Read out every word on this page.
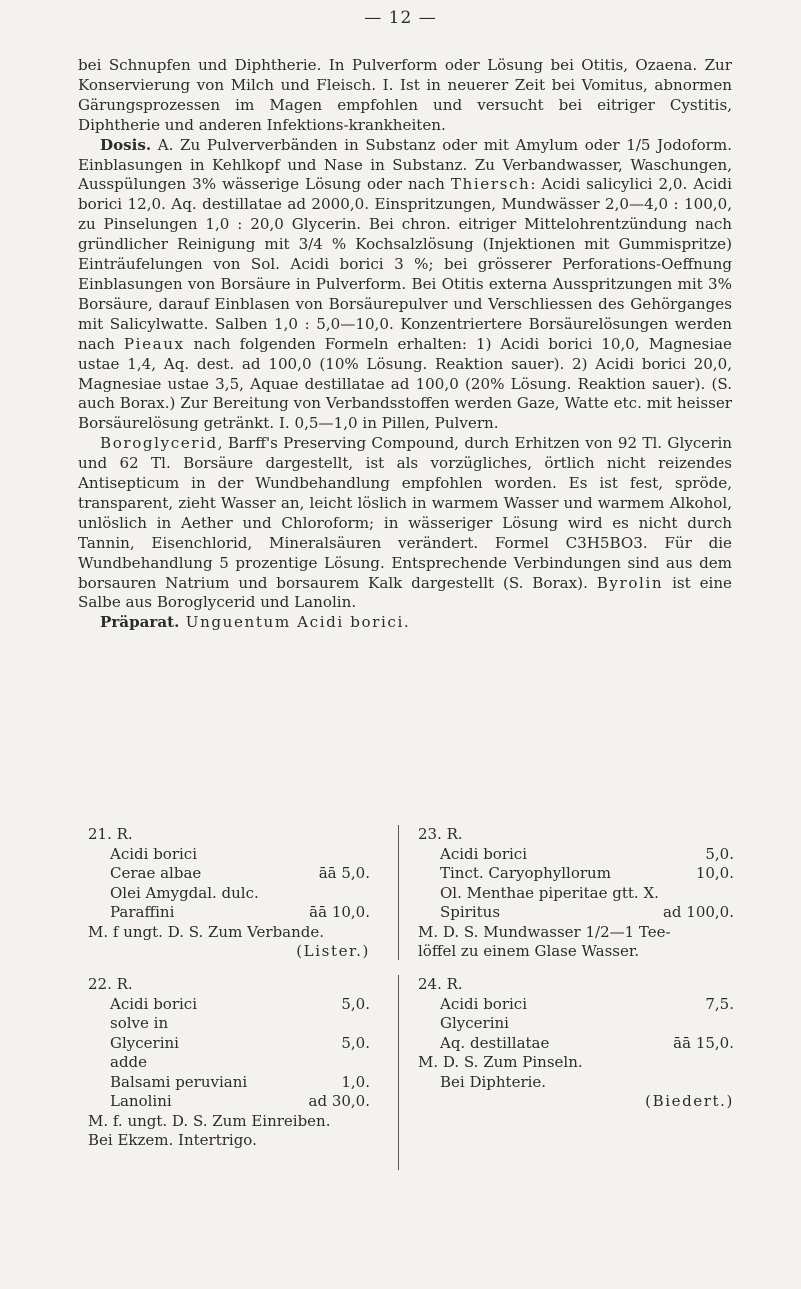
— 12 —

bei Schnupfen und Diphtherie. In Pulverform oder Lösung bei Otitis, Ozaena. Zur Konservierung von Milch und Fleisch. I. Ist in neuerer Zeit bei Vomitus, abnormen Gärungsprozessen im Magen empfohlen und versucht bei eitriger Cystitis, Diphtherie und anderen Infektions-krankheiten.

Dosis. A. Zu Pulververbänden in Substanz oder mit Amylum oder 1/5 Jodoform. Einblasungen in Kehlkopf und Nase in Substanz. Zu Verbandwasser, Waschungen, Ausspülungen 3% wässerige Lösung oder nach Thiersch: Acidi salicylici 2,0. Acidi borici 12,0. Aq. destillatae ad 2000,0. Einspritzungen, Mundwässer 2,0—4,0 : 100,0, zu Pinselungen 1,0 : 20,0 Glycerin. Bei chron. eitriger Mittelohrentzündung nach gründlicher Reinigung mit 3/4 % Kochsalzlösung (Injektionen mit Gummispritze) Einträufelungen von Sol. Acidi borici 3 %; bei grösserer Perforations-Oeffnung Einblasungen von Borsäure in Pulverform. Bei Otitis externa Ausspritzungen mit 3% Borsäure, darauf Einblasen von Borsäurepulver und Verschliessen des Gehörganges mit Salicylwatte. Salben 1,0 : 5,0—10,0. Konzentriertere Borsäurelösungen werden nach Pieaux nach folgenden Formeln erhalten: 1) Acidi borici 10,0, Magnesiae ustae 1,4, Aq. dest. ad 100,0 (10% Lösung. Reaktion sauer). 2) Acidi borici 20,0, Magnesiae ustae 3,5, Aquae destillatae ad 100,0 (20% Lösung. Reaktion sauer). (S. auch Borax.) Zur Bereitung von Verbandsstoffen werden Gaze, Watte etc. mit heisser Borsäurelösung getränkt. I. 0,5—1,0 in Pillen, Pulvern.

Boroglycerid, Barff's Preserving Compound, durch Erhitzen von 92 Tl. Glycerin und 62 Tl. Borsäure dargestellt, ist als vorzügliches, örtlich nicht reizendes Antisepticum in der Wundbehandlung empfohlen worden. Es ist fest, spröde, transparent, zieht Wasser an, leicht löslich in warmem Wasser und warmem Alkohol, unlöslich in Aether und Chloroform; in wässeriger Lösung wird es nicht durch Tannin, Eisenchlorid, Mineralsäuren verändert. Formel C3H5BO3. Für die Wundbehandlung 5 prozentige Lösung. Entsprechende Verbindungen sind aus dem borsauren Natrium und borsaurem Kalk dargestellt (S. Borax). Byrolin ist eine Salbe aus Boroglycerid und Lanolin.

Präparat. Unguentum Acidi borici.

21. R.
Acidi borici
Cerae albae	āā 5,0.
Olei Amygdal. dulc.
Paraffini	āā 10,0.
M. f ungt. D. S. Zum Verbande.
(Lister.)
23. R.
Acidi borici	5,0.
Tinct. Caryophyllorum	10,0.
Ol. Menthae piperitae gtt. X.
Spiritus	ad 100,0.
M. D. S. Mundwasser 1/2—1 Tee-
löffel zu einem Glase Wasser.
22. R.
Acidi borici	5,0.
solve in
Glycerini	5,0.
adde
Balsami peruviani	1,0.
Lanolini	ad 30,0.
M. f. ungt. D. S. Zum Einreiben.
Bei Ekzem. Intertrigo.
24. R.
Acidi borici	7,5.
Glycerini
Aq. destillatae	āā 15,0.
M. D. S. Zum Pinseln.
Bei Diphterie.
(Biedert.)
